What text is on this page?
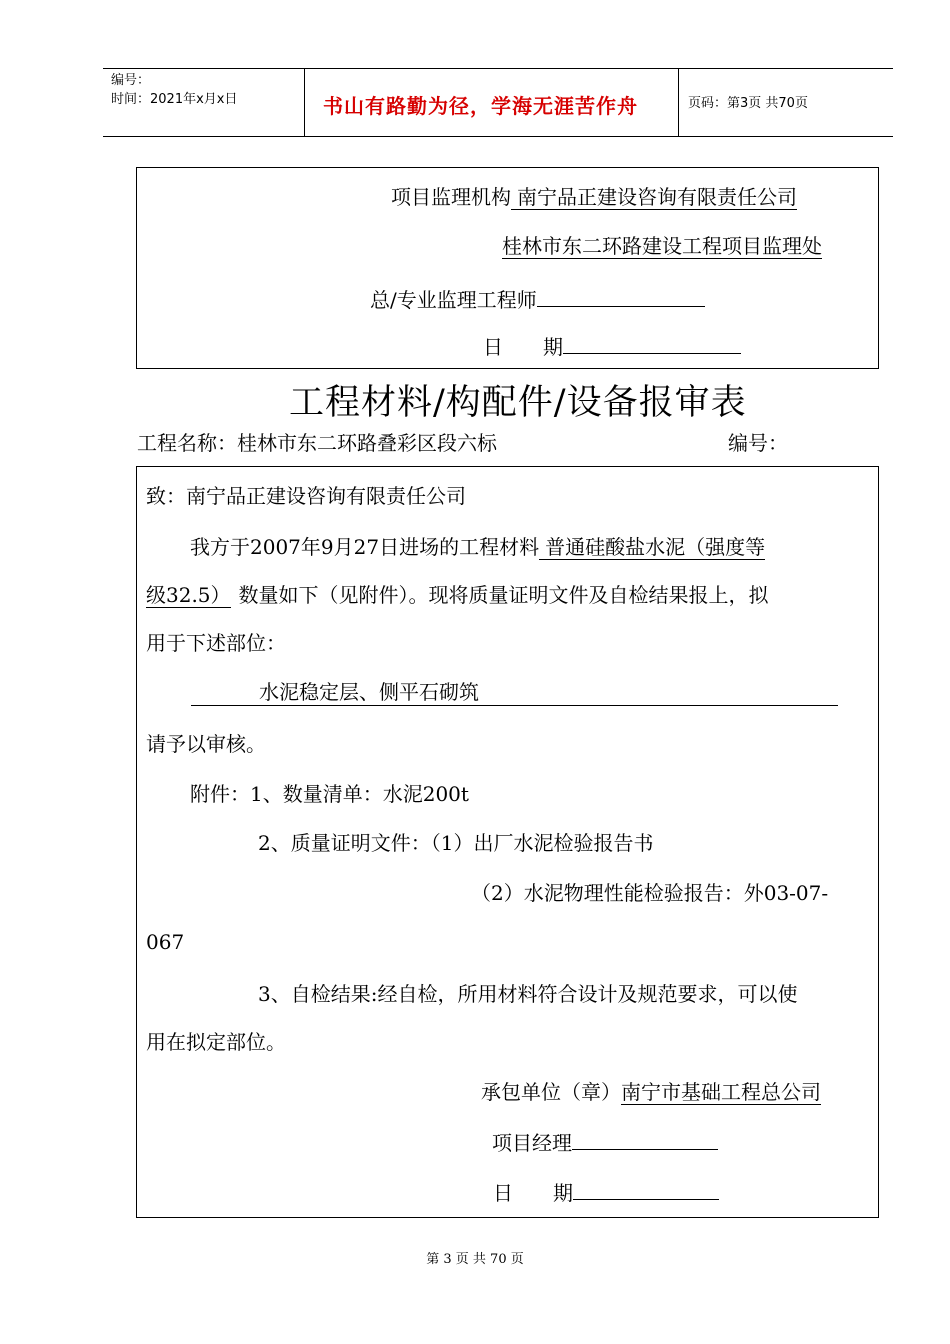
编号：
时间：2021年x月x日	书山有路勤为径，学海无涯苦作舟	页码：第3页 共70页
项目监理机构 南宁品正建设咨询有限责任公司
桂林市东二环路建设工程项目监理处
总/专业监理工程师
日　　期
工程材料/构配件/设备报审表
工程名称：桂林市东二环路叠彩区段六标	编号：
致：南宁品正建设咨询有限责任公司
我方于2007年9月27日进场的工程材料 普通硅酸盐水泥（强度等
级32.5） 数量如下（见附件）。现将质量证明文件及自检结果报上，拟
用于下述部位：
水泥稳定层、侧平石砌筑
请予以审核。
附件：1、数量清单：水泥200t
2、质量证明文件：（1）出厂水泥检验报告书
（2）水泥物理性能检验报告：外03-07-
067
3、自检结果:经自检，所用材料符合设计及规范要求，可以使
用在拟定部位。
承包单位（章）南宁市基础工程总公司
项目经理
日　　期
第 3 页 共 70 页
